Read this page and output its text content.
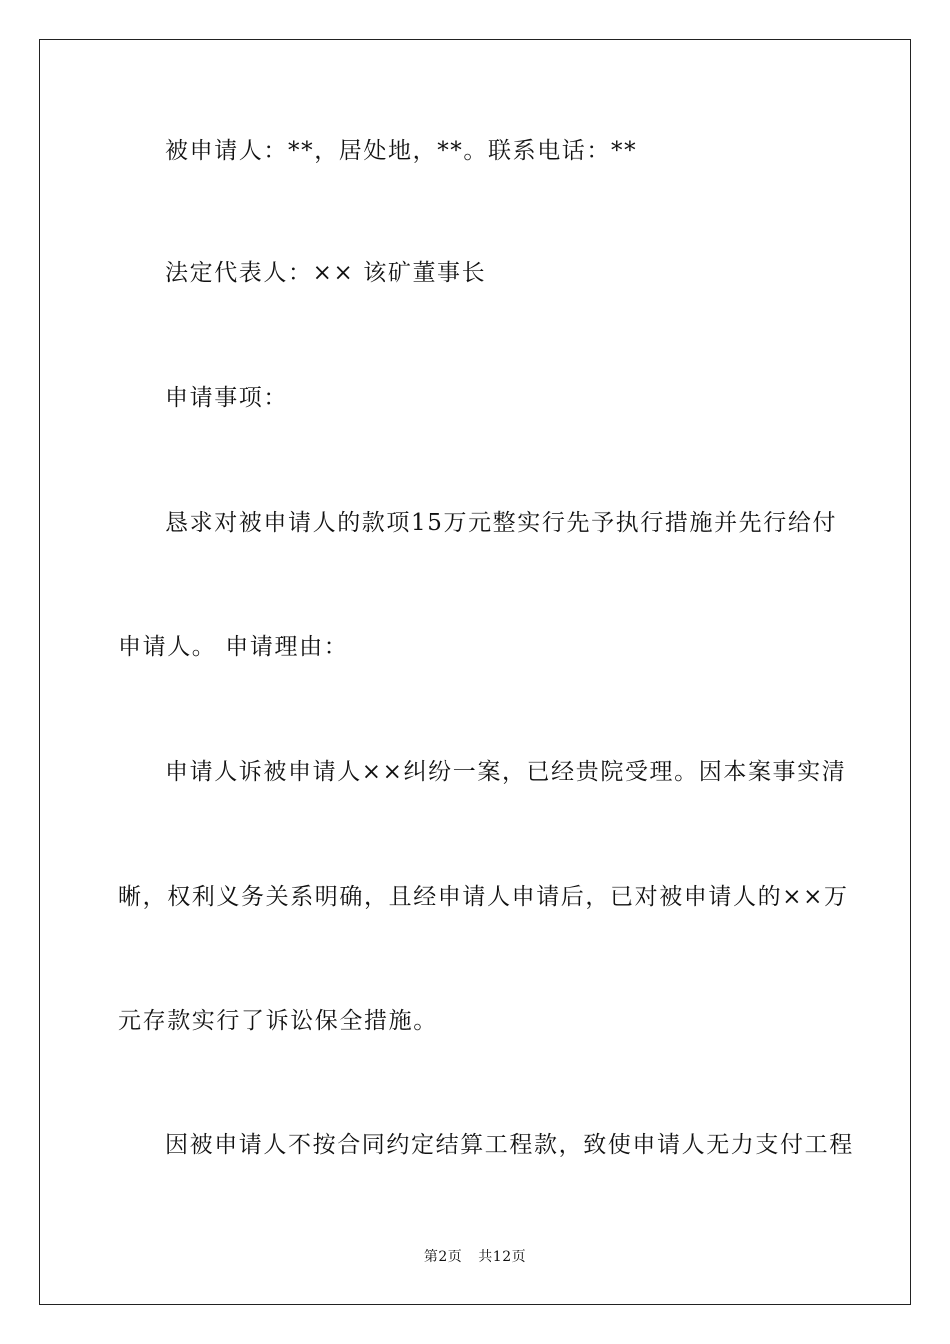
被申请人：**，居处地，**。联系电话：**
法定代表人：×× 该矿董事长
申请事项：
恳求对被申请人的款项15万元整实行先予执行措施并先行给付
申请人。 申请理由：
申请人诉被申请人××纠纷一案，已经贵院受理。因本案事实清
晰，权利义务关系明确，且经申请人申请后，已对被申请人的××万
元存款实行了诉讼保全措施。
因被申请人不按合同约定结算工程款，致使申请人无力支付工程
第2页 共12页
